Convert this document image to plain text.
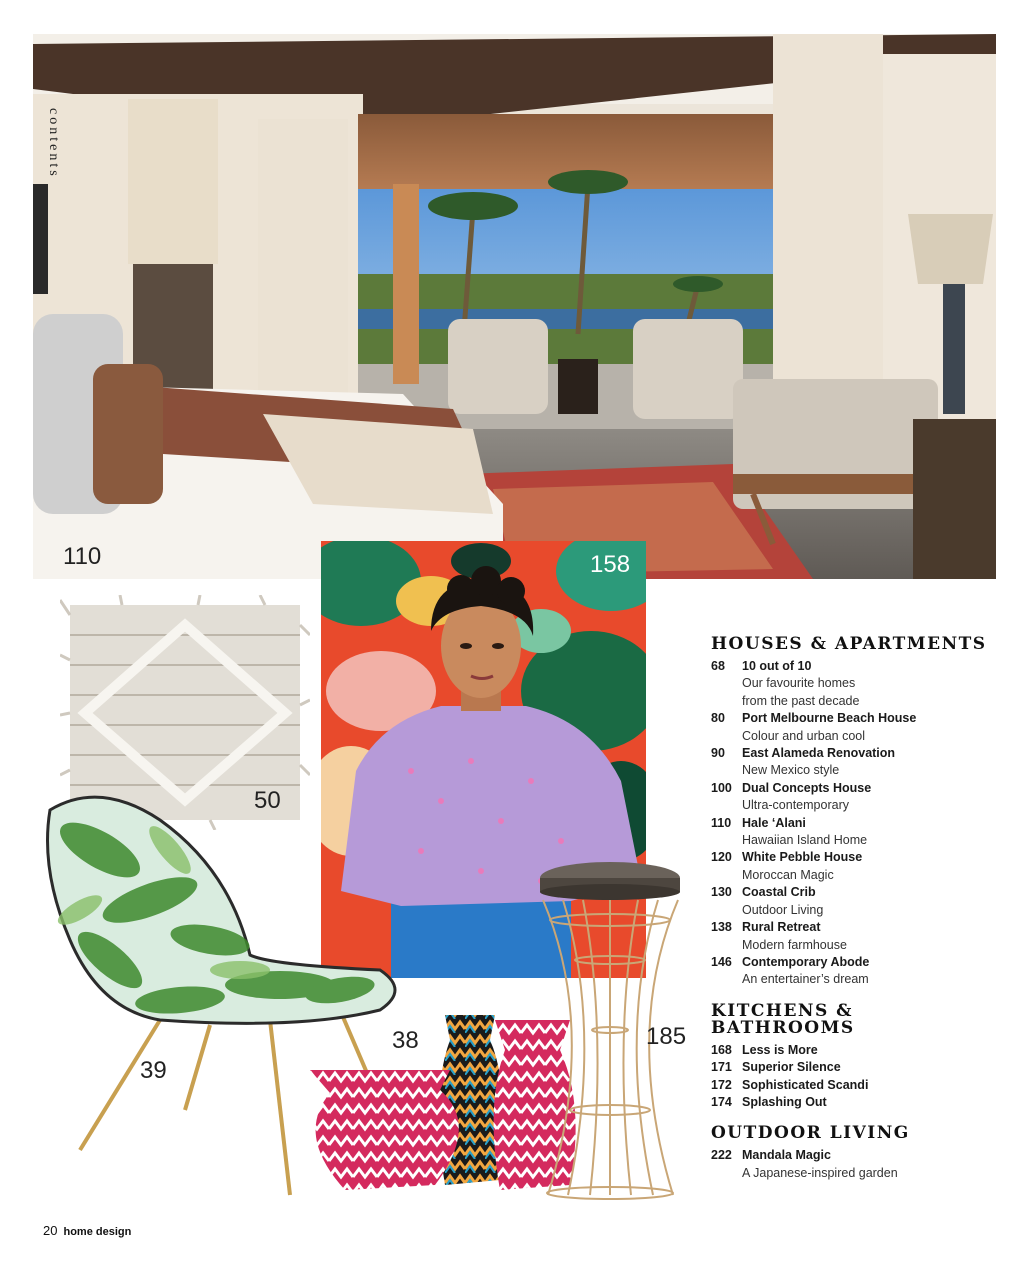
contents
110	158
50
39
38	185
HOUSES & APARTMENTS
68	10 out of 10
Our favourite homes
from the past decade
80	Port Melbourne Beach House
Colour and urban cool
90	East Alameda Renovation
New Mexico style
100 Dual Concepts House
Ultra-contemporary
110 Hale ‘Alani
Hawaiian Island Home
120 White Pebble House
Moroccan Magic
130 Coastal Crib
Outdoor Living
138 Rural Retreat
Modern farmhouse
146 Contemporary Abode
An entertainer’s dream
KITCHENS & BATHROOMS
168 Less is More
171 Superior Silence
172 Sophisticated Scandi
174 Splashing Out
OUTDOOR LIVING
222 Mandala Magic
A Japanese-inspired garden
20 home design
